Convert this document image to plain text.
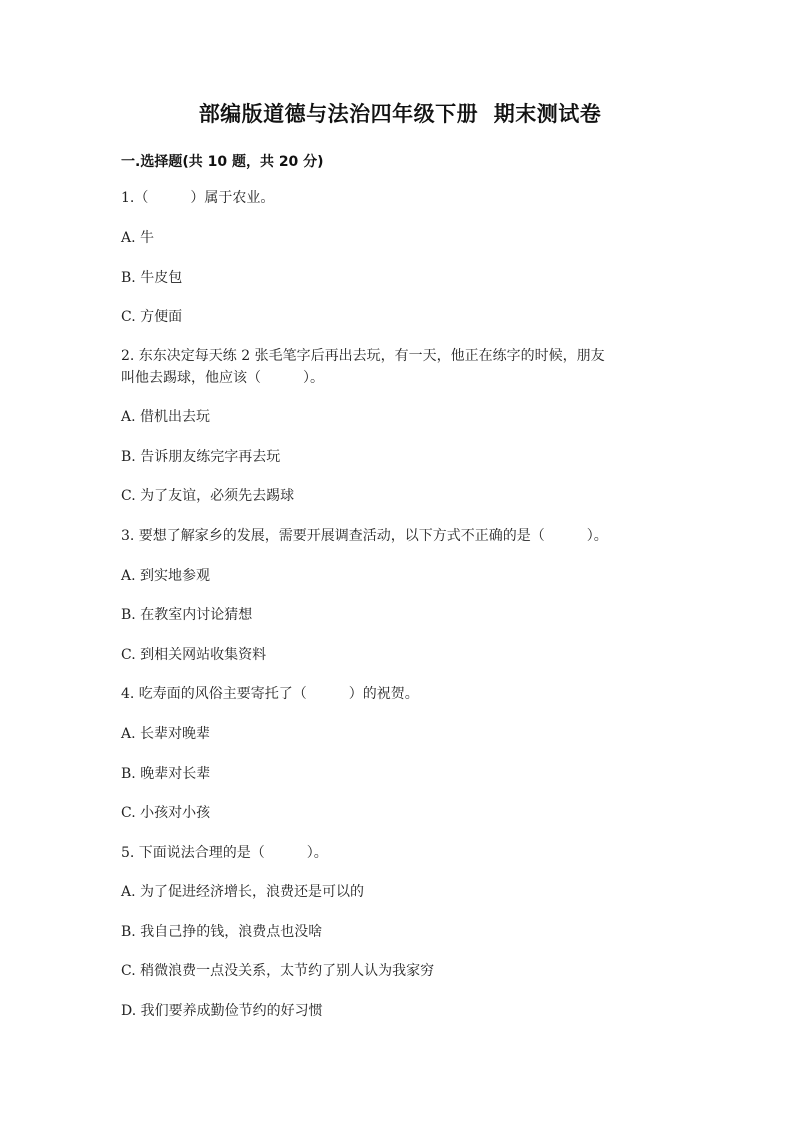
部编版道德与法治四年级下册  期末测试卷
一.选择题(共 10 题，共 20 分)
1.（　　　）属于农业。
A. 牛
B. 牛皮包
C. 方便面
2. 东东决定每天练 2 张毛笔字后再出去玩，有一天，他正在练字的时候，朋友
叫他去踢球，他应该（　　　）。
A. 借机出去玩
B. 告诉朋友练完字再去玩
C. 为了友谊，必须先去踢球
3. 要想了解家乡的发展，需要开展调查活动，以下方式不正确的是（　　　）。
A. 到实地参观
B. 在教室内讨论猜想
C. 到相关网站收集资料
4. 吃寿面的风俗主要寄托了（　　　）的祝贺。
A. 长辈对晚辈
B. 晚辈对长辈
C. 小孩对小孩
5. 下面说法合理的是（　　　）。
A. 为了促进经济增长，浪费还是可以的
B. 我自己挣的钱，浪费点也没啥
C. 稍微浪费一点没关系，太节约了别人认为我家穷
D. 我们要养成勤俭节约的好习惯
